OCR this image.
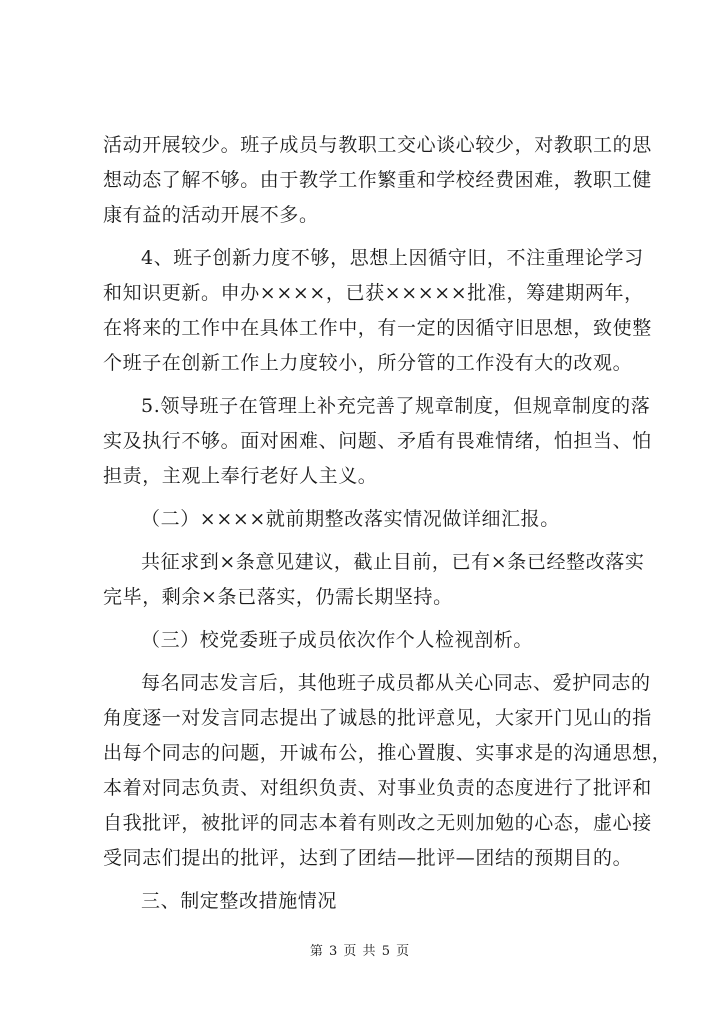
活动开展较少。班子成员与教职工交心谈心较少，对教职工的思
想动态了解不够。由于教学工作繁重和学校经费困难，教职工健
康有益的活动开展不多。
4、班子创新力度不够，思想上因循守旧，不注重理论学习
和知识更新。申办××××，已获×××××批准，筹建期两年，
在将来的工作中在具体工作中，有一定的因循守旧思想，致使整
个班子在创新工作上力度较小，所分管的工作没有大的改观。
5.领导班子在管理上补充完善了规章制度，但规章制度的落
实及执行不够。面对困难、问题、矛盾有畏难情绪，怕担当、怕
担责，主观上奉行老好人主义。
（二）××××就前期整改落实情况做详细汇报。
共征求到×条意见建议，截止目前，已有×条已经整改落实
完毕，剩余×条已落实，仍需长期坚持。
（三）校党委班子成员依次作个人检视剖析。
每名同志发言后，其他班子成员都从关心同志、爱护同志的
角度逐一对发言同志提出了诚恳的批评意见，大家开门见山的指
出每个同志的问题，开诚布公，推心置腹、实事求是的沟通思想，
本着对同志负责、对组织负责、对事业负责的态度进行了批评和
自我批评，被批评的同志本着有则改之无则加勉的心态，虚心接
受同志们提出的批评，达到了团结—批评—团结的预期目的。
三、制定整改措施情况
第 3 页 共 5 页
